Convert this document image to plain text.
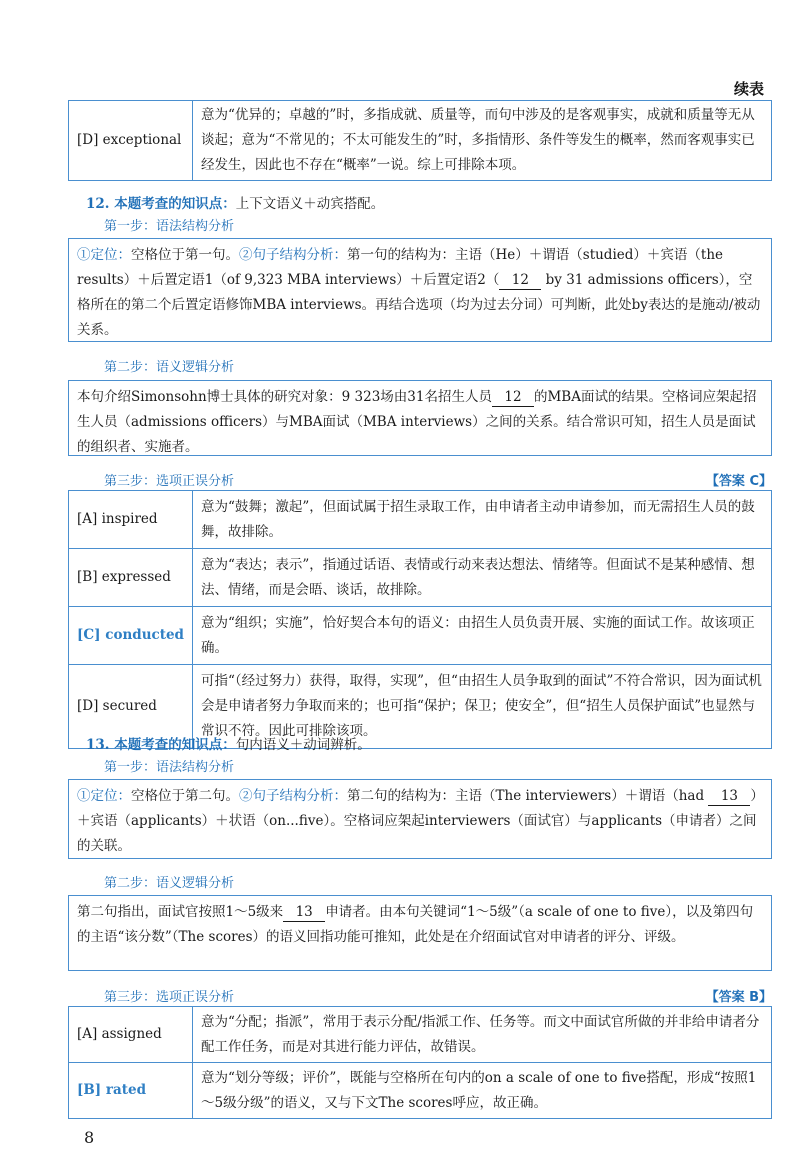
续表
[D] exceptional	意为“优异的；卓越的”时，多指成就、质量等，而句中涉及的是客观事实，成就和质量等无从谈起；意为“不常见的；不太可能发生的”时，多指情形、条件等发生的概率，然而客观事实已经发生，因此也不存在“概率”一说。综上可排除本项。
12. 本题考查的知识点：上下文语义＋动宾搭配。
第一步：语法结构分析
①定位：空格位于第一句。②句子结构分析：第一句的结构为：主语（He）＋谓语（studied）＋宾语（the results）＋后置定语1（of 9,323 MBA interviews）＋后置定语2（ 12 by 31 admissions officers），空格所在的第二个后置定语修饰MBA interviews。再结合选项（均为过去分词）可判断，此处by表达的是施动/被动关系。
第二步：语义逻辑分析
本句介绍Simonsohn博士具体的研究对象：9 323场由31名招生人员 12 的MBA面试的结果。空格词应架起招生人员（admissions officers）与MBA面试（MBA interviews）之间的关系。结合常识可知，招生人员是面试的组织者、实施者。
第三步：选项正误分析	【答案 C】
[A] inspired	意为“鼓舞；激起”，但面试属于招生录取工作，由申请者主动申请参加，而无需招生人员的鼓舞，故排除。
[B] expressed	意为“表达；表示”，指通过话语、表情或行动来表达想法、情绪等。但面试不是某种感情、想法、情绪，而是会晤、谈话，故排除。
[C] conducted	意为“组织；实施”，恰好契合本句的语义：由招生人员负责开展、实施的面试工作。故该项正确。
[D] secured	可指“（经过努力）获得，取得，实现”，但“由招生人员争取到的面试”不符合常识，因为面试机会是申请者努力争取而来的；也可指“保护；保卫；使安全”，但“招生人员保护面试”也显然与常识不符。因此可排除该项。
13. 本题考查的知识点：句内语义＋动词辨析。
第一步：语法结构分析
①定位：空格位于第二句。②句子结构分析：第二句的结构为：主语（The interviewers）＋谓语（had 13 ）＋宾语（applicants）＋状语（on...five）。空格词应架起interviewers（面试官）与applicants（申请者）之间的关联。
第二步：语义逻辑分析
第二句指出，面试官按照1～5级来 13 申请者。由本句关键词“1～5级”（a scale of one to five），以及第四句的主语“该分数”（The scores）的语义回指功能可推知，此处是在介绍面试官对申请者的评分、评级。
第三步：选项正误分析	【答案 B】
[A] assigned	意为“分配；指派”，常用于表示分配/指派工作、任务等。而文中面试官所做的并非给申请者分配工作任务，而是对其进行能力评估，故错误。
[B] rated	意为“划分等级；评价”，既能与空格所在句内的on a scale of one to five搭配，形成“按照1～5级分级”的语义，又与下文The scores呼应，故正确。
8
